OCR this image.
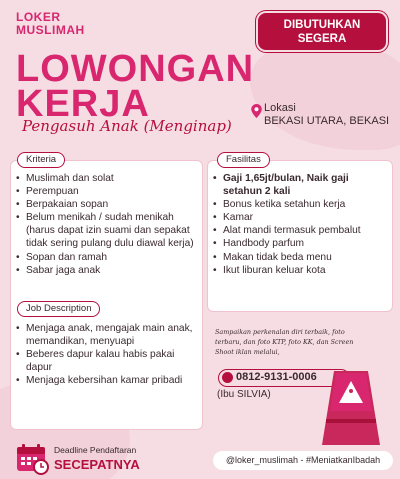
LOKER
MUSLIMAH	DIBUTUHKAN
SEGERA
LOWONGAN
KERJA
Pengasuh Anak (Menginap)
Lokasi
BEKASI UTARA, BEKASI
Kriteria
• Muslimah dan solat
• Perempuan
• Berpakaian sopan
• Belum menikah / sudah menikah
(harus dapat izin suami dan sepakat
tidak sering pulang dulu diawal kerja)
• Sopan dan ramah
• Sabar jaga anak
Job Description
• Menjaga anak, mengajak main anak,
memandikan, menyuapi
• Beberes dapur kalau habis pakai
dapur
• Menjaga kebersihan kamar pribadi
Fasilitas
• Gaji 1,65jt/bulan, Naik gaji
setahun 2 kali
• Bonus ketika setahun kerja
• Kamar
• Alat mandi termasuk pembalut
• Handbody parfum
• Makan tidak beda menu
• Ikut liburan keluar kota
Sampaikan perkenalan diri terbaik, foto
terbaru, dan foto KTP, foto KK, dan Screen
Shoot iklan melalui,
0812-9131-0006
(Ibu SILVIA)
Deadline Pendaftaran
SECEPATNYA	@loker_muslimah - #MeniatkanIbadah
